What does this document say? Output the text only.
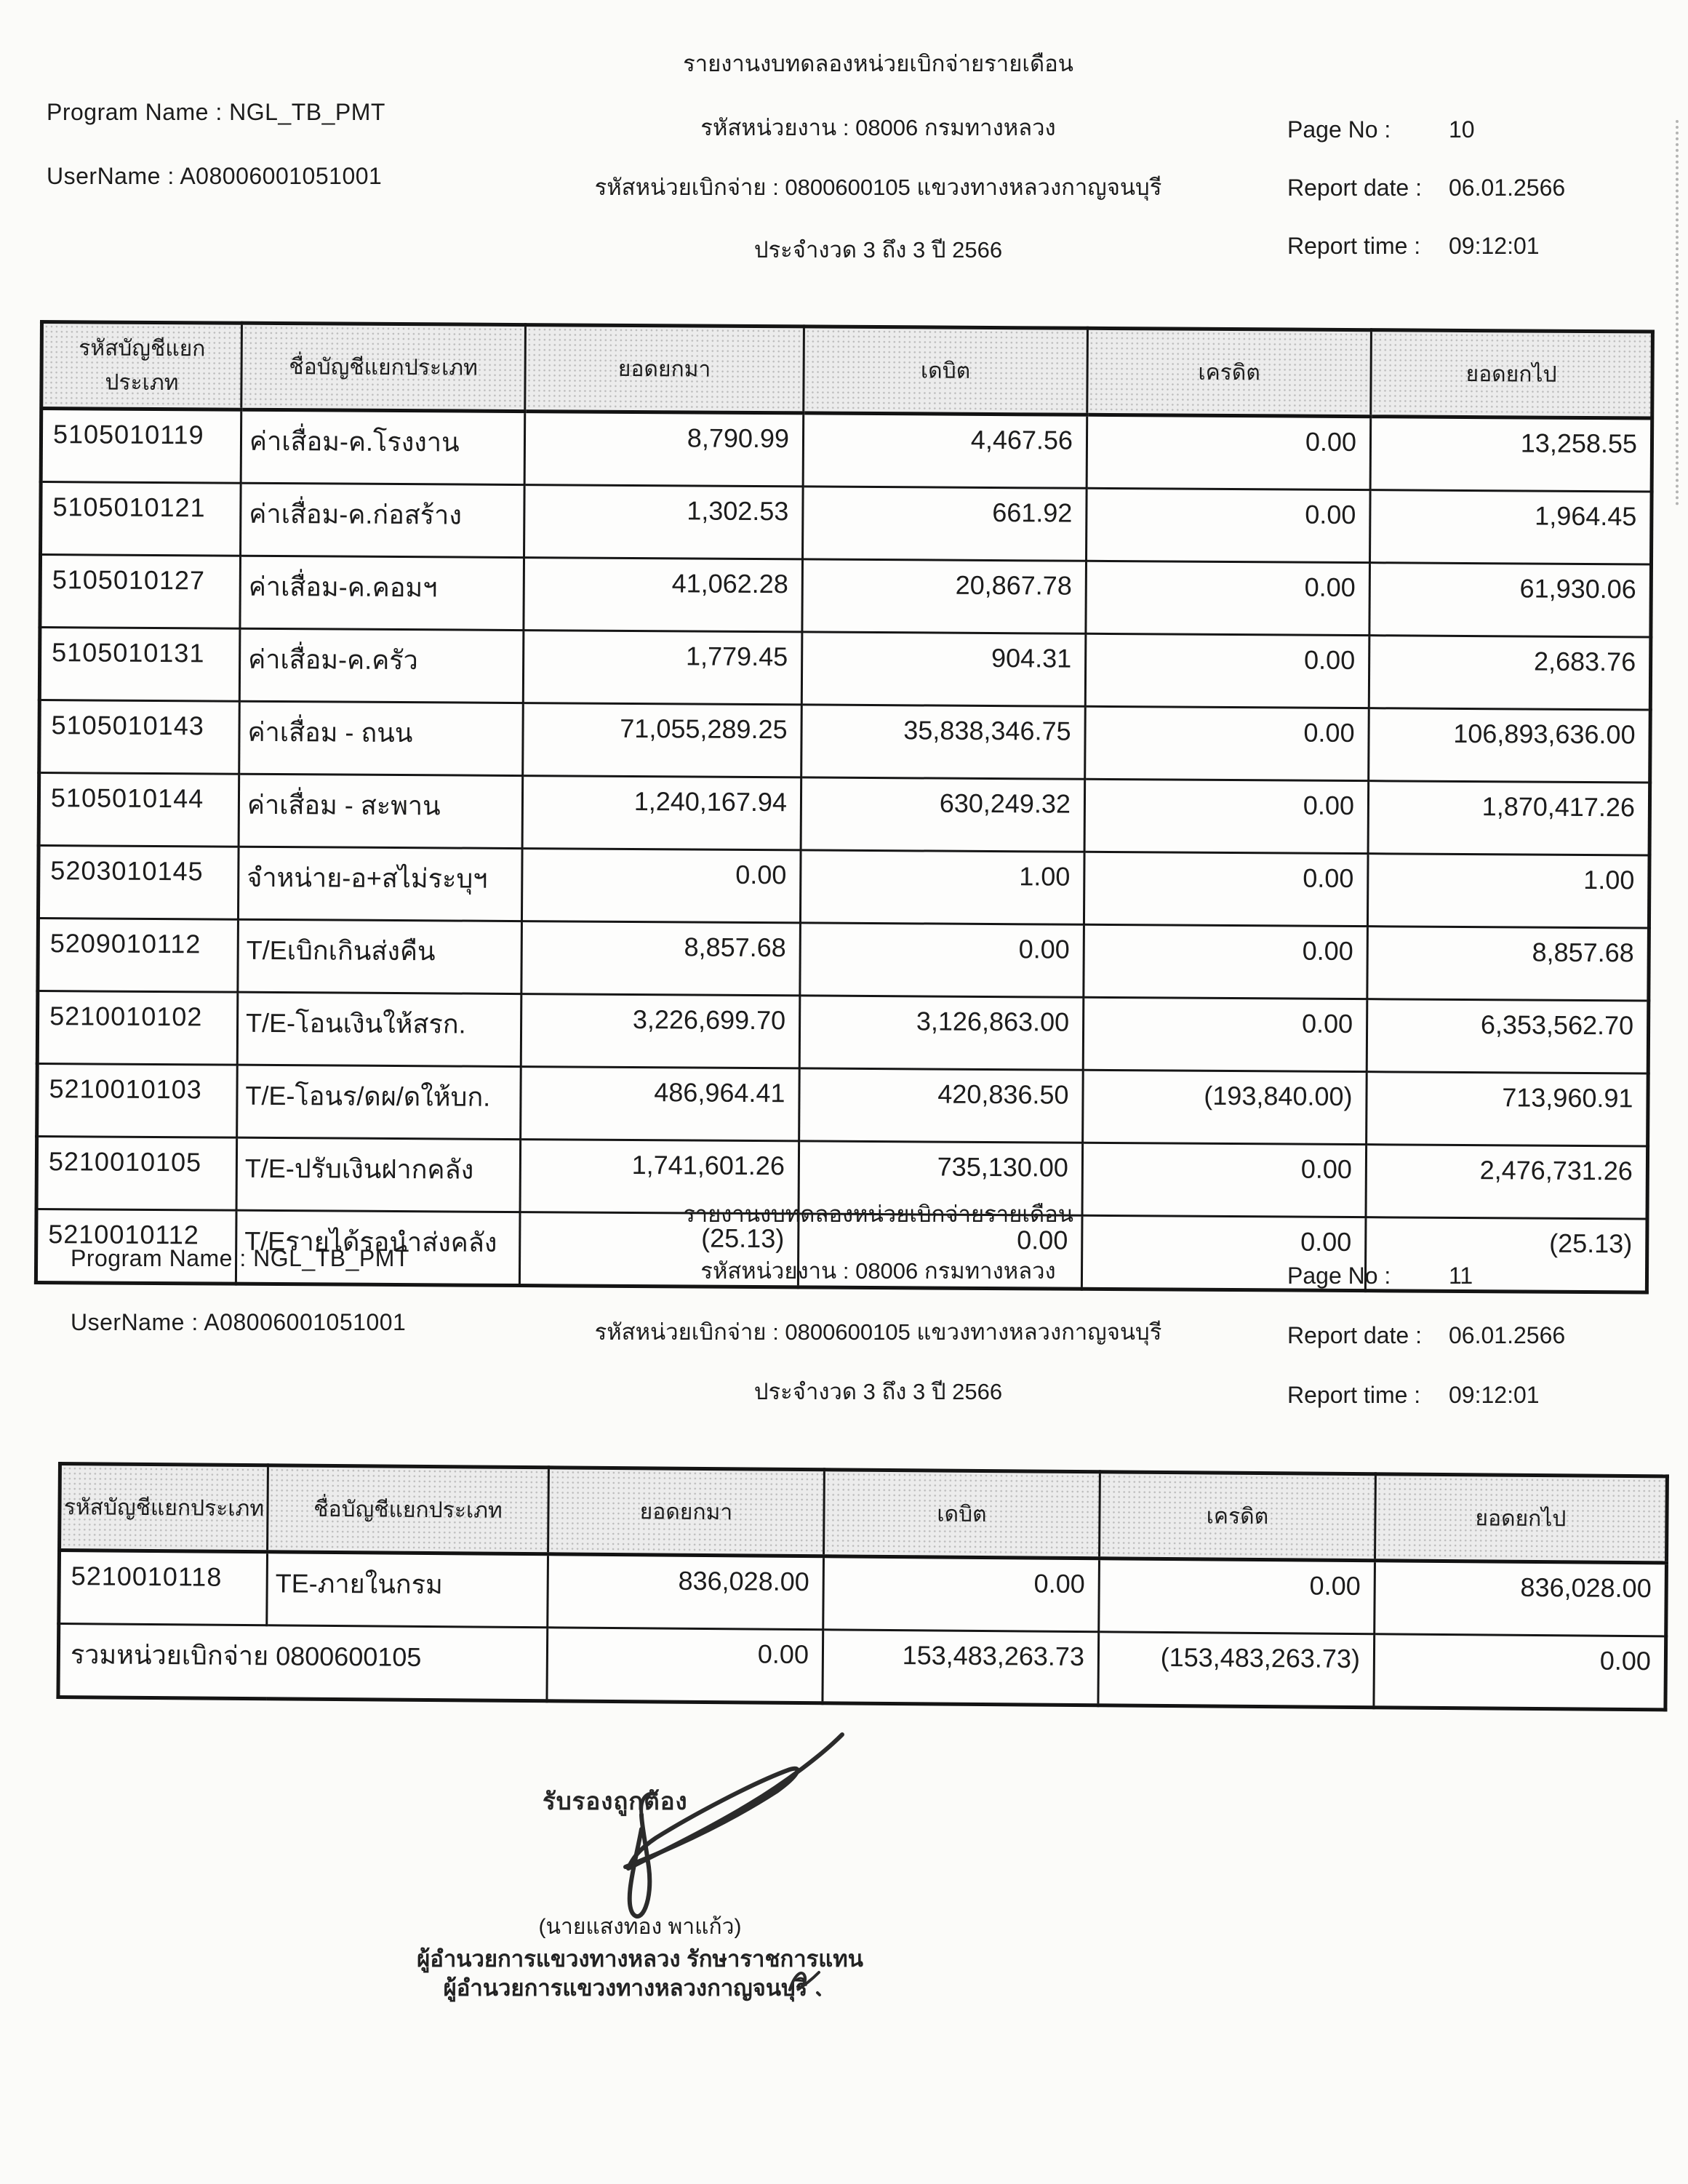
รายงานงบทดลองหน่วยเบิกจ่ายรายเดือน
Program Name : NGL_TB_PMT
UserName : A08006001051001
รหัสหน่วยงาน : 08006 กรมทางหลวง
รหัสหน่วยเบิกจ่าย : 0800600105 แขวงทางหลวงกาญจนบุรี
ประจำงวด 3 ถึง 3 ปี 2566
Page No : 10
Report date : 06.01.2566
Report time : 09:12:01
รหัสบัญชีแยกประเภท	ชื่อบัญชีแยกประเภท	ยอดยกมา	เดบิต	เครดิต	ยอดยกไป
5105010119	ค่าเสื่อม-ค.โรงงาน	8,790.99	4,467.56	0.00	13,258.55
5105010121	ค่าเสื่อม-ค.ก่อสร้าง	1,302.53	661.92	0.00	1,964.45
5105010127	ค่าเสื่อม-ค.คอมฯ	41,062.28	20,867.78	0.00	61,930.06
5105010131	ค่าเสื่อม-ค.ครัว	1,779.45	904.31	0.00	2,683.76
5105010143	ค่าเสื่อม - ถนน	71,055,289.25	35,838,346.75	0.00	106,893,636.00
5105010144	ค่าเสื่อม - สะพาน	1,240,167.94	630,249.32	0.00	1,870,417.26
5203010145	จำหน่าย-อ+สไม่ระบุฯ	0.00	1.00	0.00	1.00
5209010112	T/Eเบิกเกินส่งคืน	8,857.68	0.00	0.00	8,857.68
5210010102	T/E-โอนเงินให้สรก.	3,226,699.70	3,126,863.00	0.00	6,353,562.70
5210010103	T/E-โอนร/ดผ/ดให้บก.	486,964.41	420,836.50	(193,840.00)	713,960.91
5210010105	T/E-ปรับเงินฝากคลัง	1,741,601.26	735,130.00	0.00	2,476,731.26
5210010112	T/Eรายได้รอนำส่งคลัง	(25.13)	0.00	0.00	(25.13)
รายงานงบทดลองหน่วยเบิกจ่ายรายเดือน
Program Name : NGL_TB_PMT
UserName : A08006001051001
รหัสหน่วยงาน : 08006 กรมทางหลวง
รหัสหน่วยเบิกจ่าย : 0800600105 แขวงทางหลวงกาญจนบุรี
ประจำงวด 3 ถึง 3 ปี 2566
Page No : 11
Report date : 06.01.2566
Report time : 09:12:01
รหัสบัญชีแยกประเภท	ชื่อบัญชีแยกประเภท	ยอดยกมา	เดบิต	เครดิต	ยอดยกไป
5210010118	TE-ภายในกรม	836,028.00	0.00	0.00	836,028.00
รวมหน่วยเบิกจ่าย 0800600105		0.00	153,483,263.73	(153,483,263.73)	0.00
รับรองถูกต้อง
(นายแสงทอง พาแก้ว)
ผู้อำนวยการแขวงทางหลวง รักษาราชการแทน
ผู้อำนวยการแขวงทางหลวงกาญจนบุรี
